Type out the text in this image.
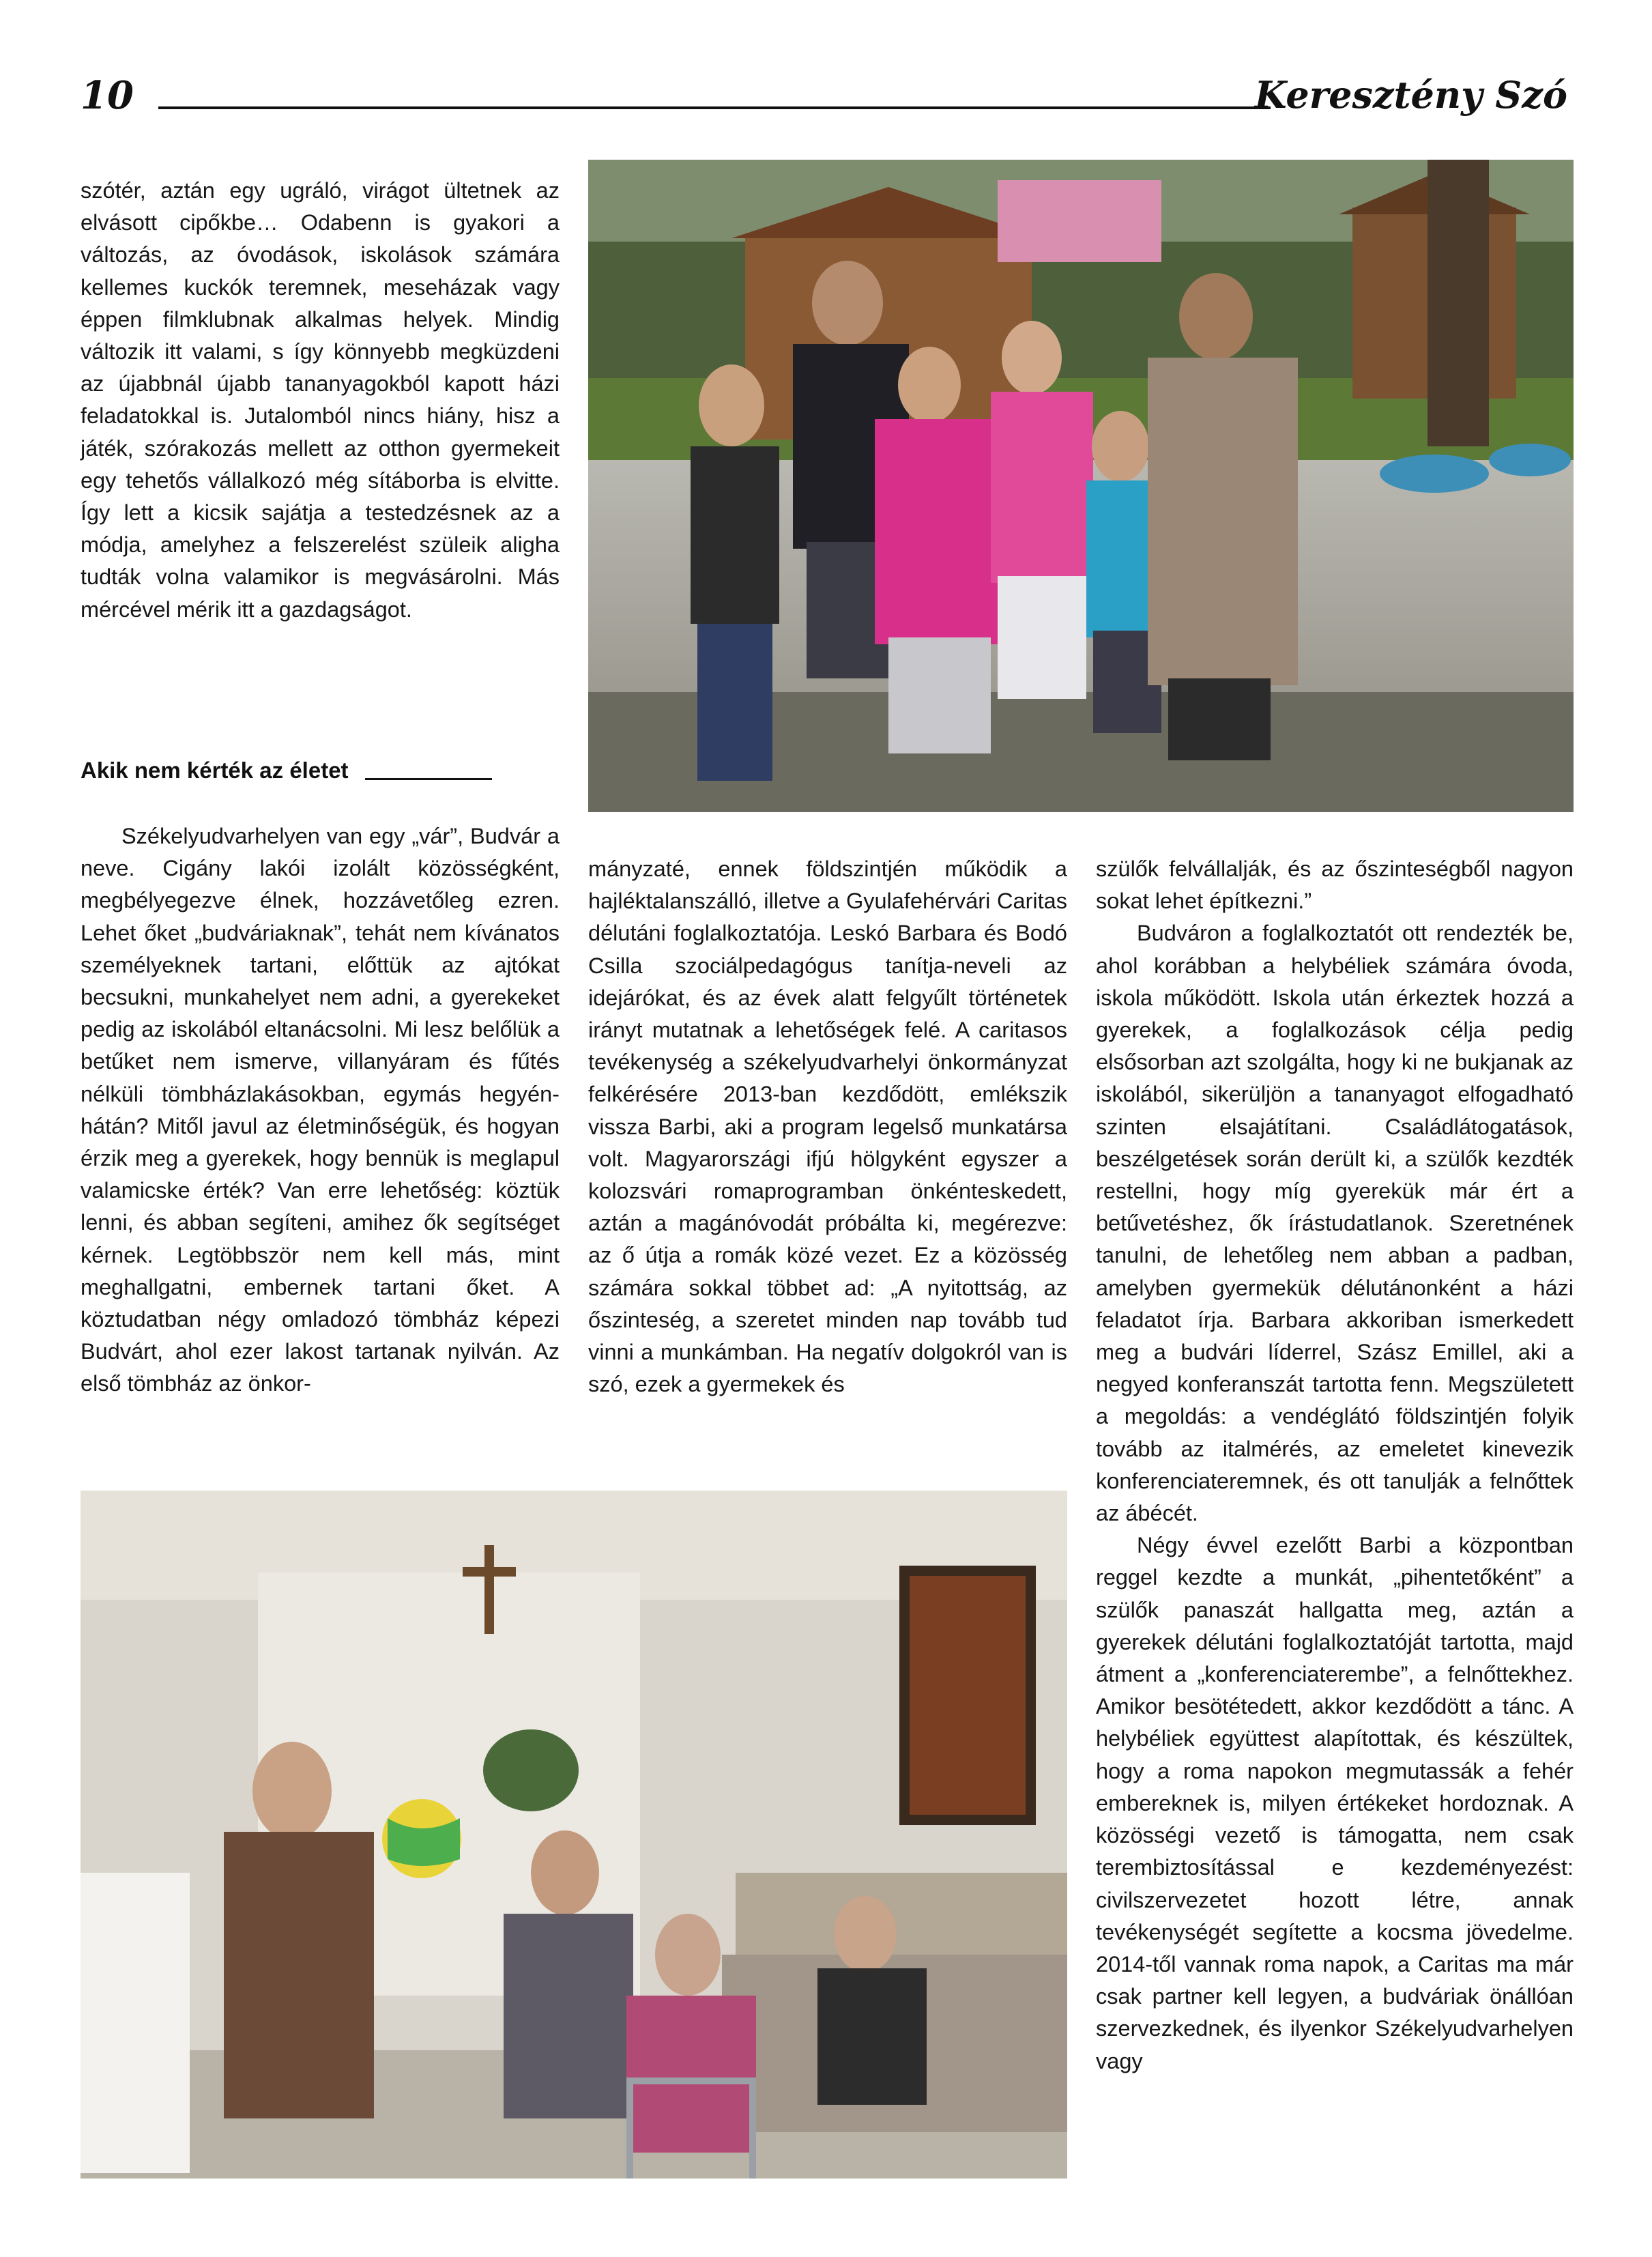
10	Keresztény Szó

szótér, aztán egy ugráló, virágot ültetnek az elvásott cipőkbe… Odabenn is gyakori a változás, az óvodások, iskolások számára kellemes kuckók teremnek, meseházak vagy éppen filmklubnak alkalmas helyek. Mindig változik itt valami, s így könnyebb megküzdeni az újabbnál újabb tananyagokból kapott házi feladatokkal is. Jutalomból nincs hiány, hisz a játék, szórakozás mellett az otthon gyermekeit egy tehetős vállalkozó még sítáborba is elvitte. Így lett a kicsik sajátja a testedzésnek az a módja, amelyhez a felszerelést szüleik aligha tudták volna valamikor is megvásárolni. Más mércével mérik itt a gazdagságot.

Akik nem kérték az életet

Székelyudvarhelyen van egy „vár”, Budvár a neve. Cigány lakói izolált közösségként, megbélyegezve élnek, hozzávetőleg ezren. Lehet őket „budváriaknak”, tehát nem kívánatos személyeknek tartani, előttük az ajtókat becsukni, munkahelyet nem adni, a gyerekeket pedig az iskolából eltanácsolni. Mi lesz belőlük a betűket nem ismerve, villanyáram és fűtés nélküli tömbházlakásokban, egymás hegyén-hátán? Mitől javul az életminőségük, és hogyan érzik meg a gyerekek, hogy bennük is meglapul valamicske érték? Van erre lehetőség: köztük lenni, és abban segíteni, amihez ők segítséget kérnek. Legtöbbször nem kell más, mint meghallgatni, embernek tartani őket. A köztudatban négy omladozó tömbház képezi Budvárt, ahol ezer lakost tartanak nyilván. Az első tömbház az önkor-

mányzaté, ennek földszintjén működik a hajléktalanszálló, illetve a Gyulafehérvári Caritas délutáni foglalkoztatója. Leskó Barbara és Bodó Csilla szociálpedagógus tanítja-neveli az idejárókat, és az évek alatt felgyűlt történetek irányt mutatnak a lehetőségek felé. A caritasos tevékenység a székelyudvarhelyi önkormányzat felkérésére 2013-ban kezdődött, emlékszik vissza Barbi, aki a program legelső munkatársa volt. Magyarországi ifjú hölgyként egyszer a kolozsvári romaprogramban önkénteskedett, aztán a magánóvodát próbálta ki, megérezve: az ő útja a romák közé vezet. Ez a közösség számára sokkal többet ad: „A nyitottság, az őszinteség, a szeretet minden nap tovább tud vinni a munkámban. Ha negatív dolgokról van is szó, ezek a gyermekek és

szülők felvállalják, és az őszinteségből nagyon sokat lehet építkezni.”

Budváron a foglalkoztatót ott rendezték be, ahol korábban a helybéliek számára óvoda, iskola működött. Iskola után érkeztek hozzá a gyerekek, a foglalkozások célja pedig elsősorban azt szolgálta, hogy ki ne bukjanak az iskolából, sikerüljön a tananyagot elfogadható szinten elsajátítani. Családlátogatások, beszélgetések során derült ki, a szülők kezdték restellni, hogy míg gyerekük már ért a betűvetéshez, ők írástudatlanok. Szeretnének tanulni, de lehetőleg nem abban a padban, amelyben gyermekük délutánonként a házi feladatot írja. Barbara akkoriban ismerkedett meg a budvári líderrel, Szász Emillel, aki a negyed konferanszát tartotta fenn. Megszületett a megoldás: a vendéglátó földszintjén folyik tovább az italmérés, az emeletet kinevezik konferenciateremnek, és ott tanulják a felnőttek az ábécét.

Négy évvel ezelőtt Barbi a központban reggel kezdte a munkát, „pihentetőként” a szülők panaszát hallgatta meg, aztán a gyerekek délutáni foglalkoztatóját tartotta, majd átment a „konferenciaterembe”, a felnőttekhez. Amikor besötétedett, akkor kezdődött a tánc. A helybéliek együttest alapítottak, és készültek, hogy a roma napokon megmutassák a fehér embereknek is, milyen értékeket hordoznak. A közösségi vezető is támogatta, nem csak terembiztosítással e kezdeményezést: civilszervezetet hozott létre, annak tevékenységét segítette a kocsma jövedelme. 2014-től vannak roma napok, a Caritas ma már csak partner kell legyen, a budváriak önállóan szervezkednek, és ilyenkor Székelyudvarhelyen vagy
